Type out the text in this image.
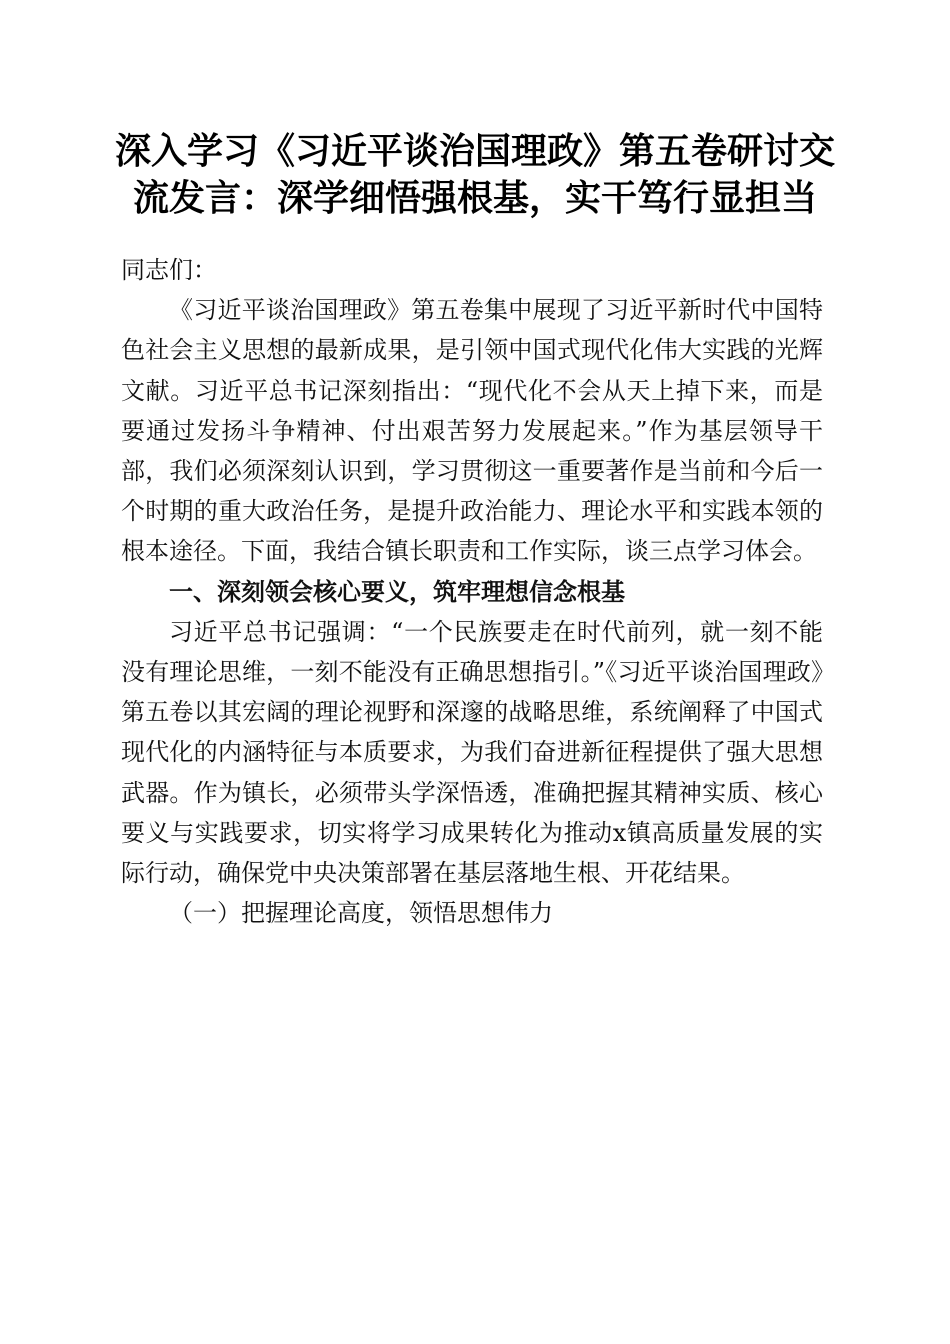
深入学习《习近平谈治国理政》第五卷研讨交
流发言：深学细悟强根基，实干笃行显担当

同志们：

《习近平谈治国理政》第五卷集中展现了习近平新时代中国特色社会主义思想的最新成果，是引领中国式现代化伟大实践的光辉文献。习近平总书记深刻指出：“现代化不会从天上掉下来，而是要通过发扬斗争精神、付出艰苦努力发展起来。”作为基层领导干部，我们必须深刻认识到，学习贯彻这一重要著作是当前和今后一个时期的重大政治任务，是提升政治能力、理论水平和实践本领的根本途径。下面，我结合镇长职责和工作实际，谈三点学习体会。

一、深刻领会核心要义，筑牢理想信念根基

习近平总书记强调：“一个民族要走在时代前列，就一刻不能没有理论思维，一刻不能没有正确思想指引。”《习近平谈治国理政》第五卷以其宏阔的理论视野和深邃的战略思维，系统阐释了中国式现代化的内涵特征与本质要求，为我们奋进新征程提供了强大思想武器。作为镇长，必须带头学深悟透，准确把握其精神实质、核心要义与实践要求，切实将学习成果转化为推动x镇高质量发展的实际行动，确保党中央决策部署在基层落地生根、开花结果。

（一）把握理论高度，领悟思想伟力
